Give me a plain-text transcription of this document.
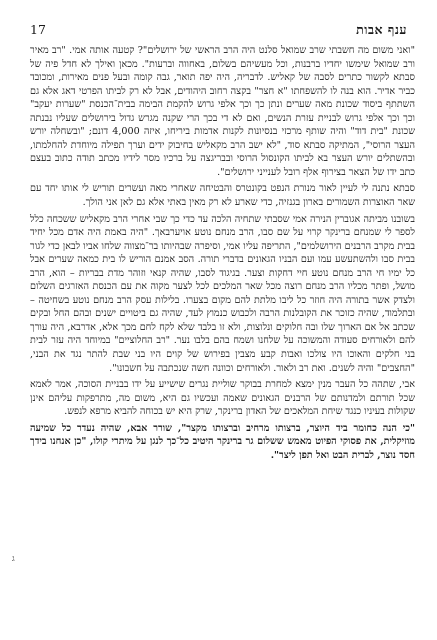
ענף אבות
17

"ואני משום מה חשבתי שרב שמואל סלנט היה הרב הראשי של ירושלים"? קטעה אותה אמי. "רב מאיר ורב שמואל שימשו יחדיו ברבנות, וכל מעשיהם בשלום, באחווה וברעות". מכאן ואילך לא חדל פיה של סבתא לקשור כתרים לסבה של קאליש. לדבריה, היה יפה תואר, גבה קומה ובעל פנים מאירות, ומכובד כביר אדיר. הוא בנה לו להשפחתו "א חצר" בקצה רחוב היהודים, אבל לא רק לביתו הפרטי דאג אלא גם השתתף ביסוד שכונת מאה שערים ונתן כך וכך אלפי גרוש להקמת הבימה בבית־הכנסת "שערות יעקב" וכך וכך אלפי גרוש לבניית עזרת הנשים, ואם לא די בכך הרי שקנה מגרש גדול בירושלים שעליו נבנתה שכונת "בית דוד" והיה שותף מרכזי בנסיונות לקנות אדמות ביריחו, איזה 4,000 דונם; "ובשחלה יורש העצר הרוסי", המתיקה סבתא סוד, "לא ישב הרב מקאליש בחיבוק ידים וערך תפילה מיוחדת להחלמתו, ובהשתלים יורש העצר בא לביתו הקונסול הרוסי ובבריגצה על ברכיו מסר לידיו מכתב תודה כתוב בעצם כתב ידו של הצאר בצירוף אלף רובל לענייני ירושלים".

סבתא נתנה לי לעיין לאור מנורת הנפט בקונטרס והבטיחה שאחרי מאה ועשרים תוריש לי אותו יחד עם שאר האוצרות השמורים בארון בגנזיה, כדי שארע לא רק מאין באתי אלא גם לאן אני הולך.

בשובנו מביתה אגוברין הנירה אמי שסבתי שתחיה הלכה עד כדי כך שבי אחרי הרב מקאליש ששכחה כלל לספר לי שמנחם ברינקר קרוי על שם סבו, הרב מנחם נוטע אויערבאך. "היה באמת היה אדם מכל יחיד בבית מקרב הרבנים הירושלמים", התריפה עליו אמי, וסיפרה שבהיותו בר־מצווה שלחו אביו לבאן כדי לגור בבית סבו ולהשתעשע עמו ועם הבניו הגאונים בדברי תורה. הסב אמנם הוריש לו בית כמאה שערים אבל כל ימיו חי הרב מנחם נוטע חיי דחקות וצער. בגיגוד לסבו, שהיה קנאי וזוהר מדת בבריות – הוא, הרב מושל, ופתר מכליו הרב מנחם רוצה מכל שאר המלכים לכל לצער מקוה את עם הכנסת האזרגים השלום ולצדק אשר בתורה היה חוזר כל ליבו מלתת להם מקום בצערו. בלילות עסק הרב מנחם נוטע בשחיטה – ובתלמוד, שהיה כזוכר את הקובלנות הרבה ולכבוש כנמוץ לעד, שהיה גם ביטויים ישנים ובהם החל ובקים שכתב אל אם הארוך שלו ובה חלוקים ונלוצות, ולא זו בלבד שלא לקח לחם מכך אלא, אדרבא, היה עורך להם ולאורחים סעודה והמשוכה על שלחנו ושמח בהם בלבו נער. "רב החלוציים" במיוחד היה עזר לבית בני חלקים והאוכו היו צולכו ואבות קבע מצבין בפירוש של קוים היו בני שבת להתר נגד את הבני, "החצבים" והיה לשנים. ואת רב ולאור. ולאורחים וכוונה חשה שנכתבה על חשבונו".

אבי, שתהה כל העבר מנין ימצא למחרת בבוקר שוליית נגרים שישייע על ידו בבניית הסוכה, אמר לאמא שכל תורתם ולמדנותם של הרבנים הגאונים שאמה ועכשיו גם היא, משום מה, מתרפקות עליהם אינן שקולות בעיניו כנגד שיחת המלאכים של האדון ברינקר, שרק היא יש בכוחה להביא מרפא לנפש.

"כי הנה כחומר ביד היוצר, ברצותו מרחיב וברצותו מקצר", שורר אבא, שהיה נעדר כל שמיעה מוזיקלית, את פסוקי הפיוט מאמש ששלום גר ברינקר היטיב כל־כך לנגן על מיתרי קולו, "כן אנחנו בידך חסד נוצר, לברית הבט ואל תפן ליצר".

ג
